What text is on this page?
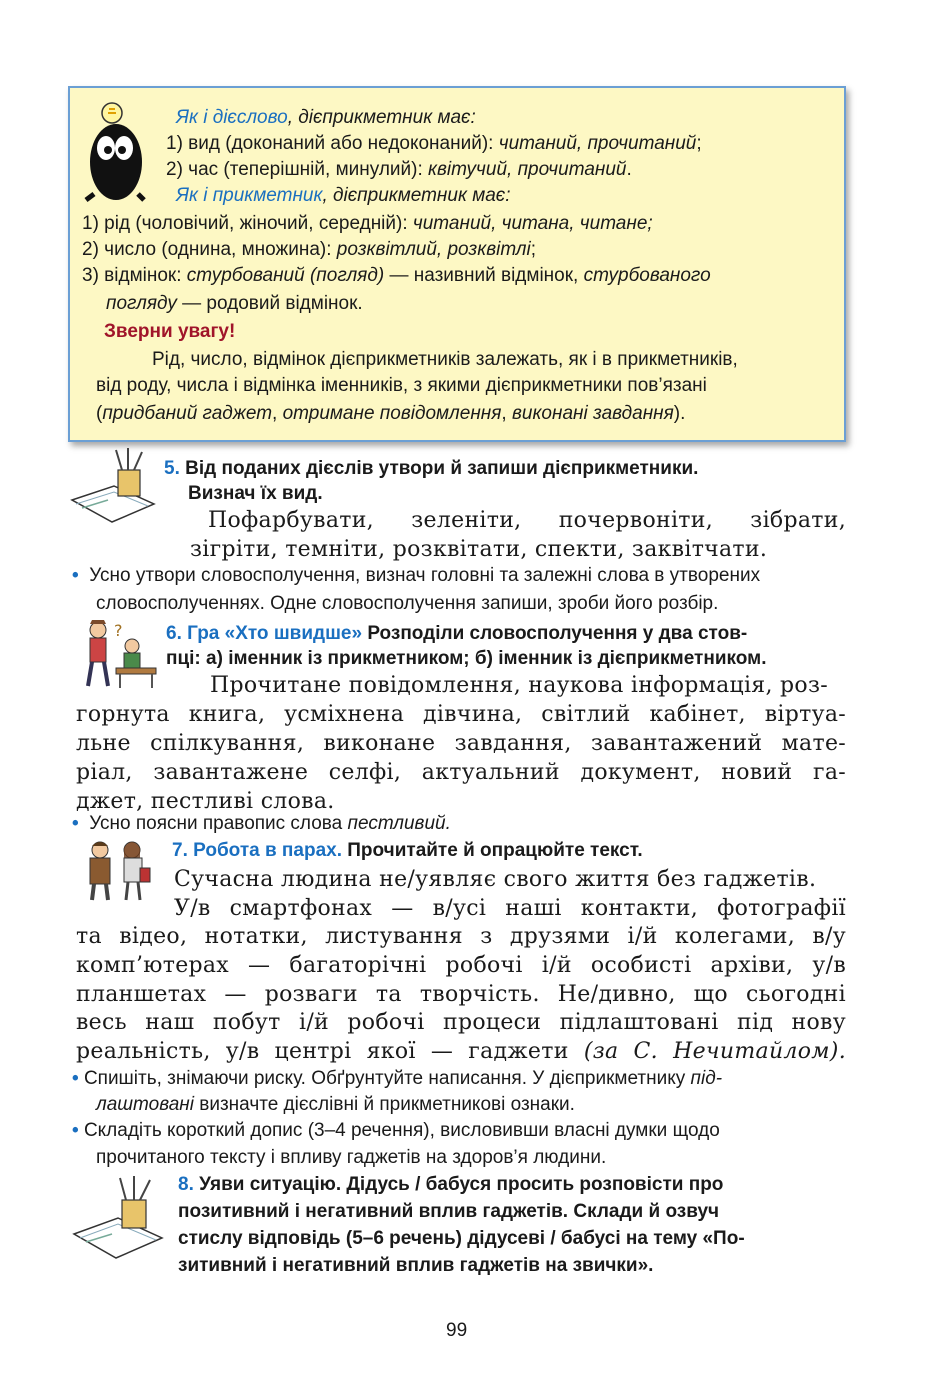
Як і дієслово, дієприкметник має:
1) вид (доконаний або недоконаний): читаний, прочитаний;
2) час (теперішній, минулий): квітучий, прочитаний.
Як і прикметник, дієприкметник має:
1) рід (чоловічий, жіночий, середній): читаний, читана, читане;
2) число (однина, множина): розквітлий, розквітлі;
3) відмінок: стурбований (погляд) — називний відмінок, стурбованого
погляду — родовий відмінок.
Зверни увагу!
Рід, число, відмінок дієприкметників залежать, як і в прикметників,
від роду, числа і відмінка іменників, з якими дієприкметники пов’язані
(придбаний гаджет, отримане повідомлення, виконані завдання).
5. Від поданих дієслів утвори й запиши дієприкметники.
Визнач їх вид.
Пофарбувати, зеленіти, почервоніти, зібрати,
зігріти, темніти, розквітати, спекти, заквітчати.
• Усно утвори словосполучення, визнач головні та залежні слова в утворених
словосполученнях. Одне словосполучення запиши, зроби його розбір.
? 6. Гра «Хто швидше» Розподіли словосполучення у два стов-
пці: а) іменник із прикметником; б) іменник із дієприкметником.
Прочитане повідомлення, наукова інформація, роз-
горнута книга, усміхнена дівчина, світлий кабінет, віртуа-
льне спілкування, виконане завдання, завантажений мате-
ріал, завантажене селфі, актуальний документ, новий га-
джет, пестливі слова.
• Усно поясни правопис слова пестливий.
7. Робота в парах. Прочитайте й опрацюйте текст.
Сучасна людина не/уявляє свого життя без гаджетів.
У/в смартфонах — в/усі наші контакти, фотографії
та відео, нотатки, листування з друзями і/й колегами, в/у
комп’ютерах — багаторічні робочі і/й особисті архіви, у/в
планшетах — розваги та творчість. Не/дивно, що сьогодні
весь наш побут і/й робочі процеси підлаштовані під нову
реальність, у/в центрі якої — гаджети (за С. Нечитайлом).
• Спишіть, знімаючи риску. Обґрунтуйте написання. У дієприкметнику під-
лаштовані визначте дієслівні й прикметникові ознаки.
• Складіть короткий допис (3–4 речення), висловивши власні думки щодо
прочитаного тексту і впливу гаджетів на здоров’я людини.
8. Уяви ситуацію. Дідусь / бабуся просить розповісти про
позитивний і негативний вплив гаджетів. Склади й озвуч
стислу відповідь (5–6 речень) дідусеві / бабусі на тему «По-
зитивний і негативний вплив гаджетів на звички».
99
